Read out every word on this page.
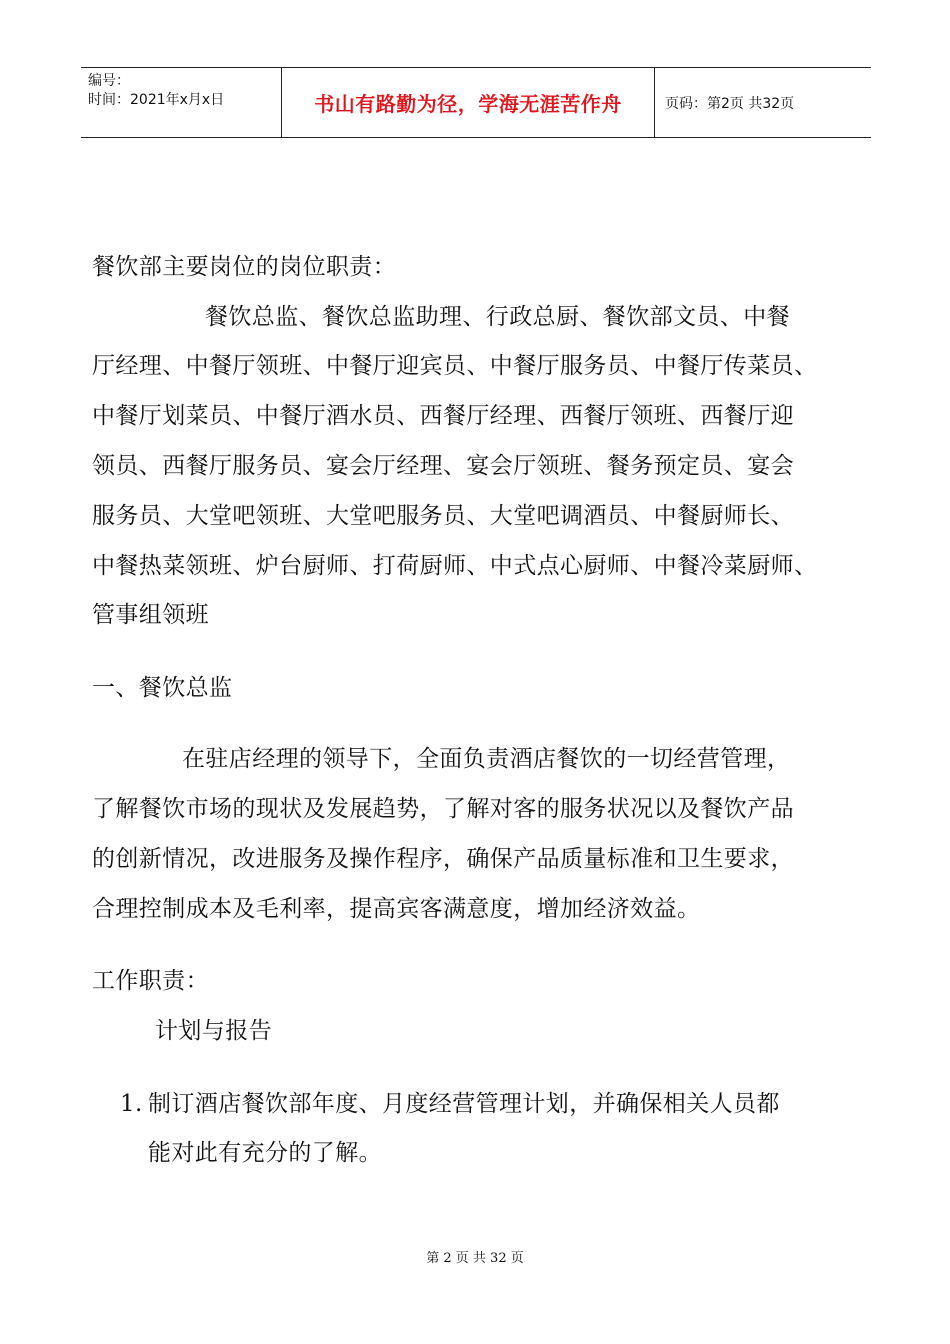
编号：
时间：2021年x月x日	书山有路勤为径，学海无涯苦作舟	页码：第2页 共32页
餐饮部主要岗位的岗位职责：
餐饮总监、餐饮总监助理、行政总厨、餐饮部文员、中餐
厅经理、中餐厅领班、中餐厅迎宾员、中餐厅服务员、中餐厅传菜员、
中餐厅划菜员、中餐厅酒水员、西餐厅经理、西餐厅领班、西餐厅迎
领员、西餐厅服务员、宴会厅经理、宴会厅领班、餐务预定员、宴会
服务员、大堂吧领班、大堂吧服务员、大堂吧调酒员、中餐厨师长、
中餐热菜领班、炉台厨师、打荷厨师、中式点心厨师、中餐冷菜厨师、
管事组领班
一、餐饮总监
在驻店经理的领导下，全面负责酒店餐饮的一切经营管理，
了解餐饮市场的现状及发展趋势，了解对客的服务状况以及餐饮产品
的创新情况，改进服务及操作程序，确保产品质量标准和卫生要求，
合理控制成本及毛利率，提高宾客满意度，增加经济效益。
工作职责：
计划与报告
1. 制订酒店餐饮部年度、月度经营管理计划，并确保相关人员都
能对此有充分的了解。
第 2 页 共 32 页
